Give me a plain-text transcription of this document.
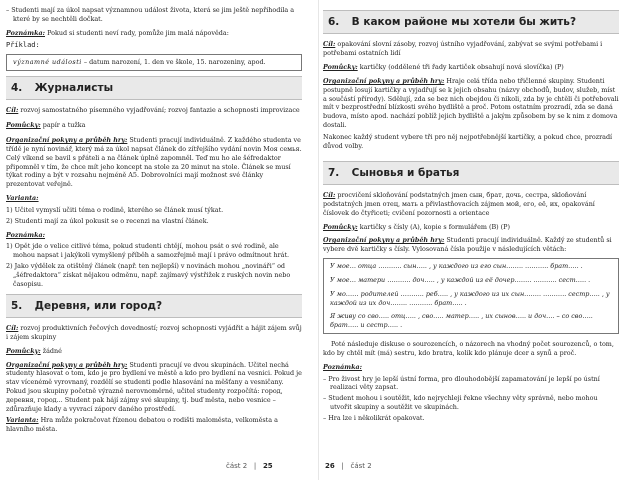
– Studenti mají za úkol napsat významnou událost života, která se jim ještě nepřihodila a které by se nechtěli dočkat.

Poznámka: Pokud si studenti neví rady, pomůže jim malá nápověda:

Příklad:
významné události – datum narození, 1. den ve škole, 15. narozeniny, apod.
4. Журналисты

Cíl: rozvoj samostatného písemného vyjadřování; rozvoj fantazie a schopnosti improvizace

Pomůcky: papír a tužka

Organizační pokyny a průběh hry: Studenti pracují individuálně. Z každého studenta ve třídě je nyní novinář, který má za úkol napsat článek do zítřejšího vydání novin Моя семья. Celý víkend se bavil s přáteli a na článek úplně zapomněl. Teď mu ho ale šéfredaktor připomněl v tím, že chce mít jeho koncept na stole za 20 minut na stole. Článek se musí týkat rodiny a být v rozsahu nejméně A5. Dobrovolníci mají možnost své články prezentovat veřejně.

Varianta:

1) Učitel vymyslí učiti téma o rodině, kterého se článek musí týkat.
2) Studenti mají za úkol pokusit se o recenzi na vlastní článek.

Poznámka:

1) Opět jde o velice citlivé téma, pokud studenti chtějí, mohou psát o své rodině, ale mohou napsat i jakýkoli vymyšlený příběh a samozřejmě mají i právo odmítnout hrát.
2) Jako výdělek za otištěný článek (např. ten nejlepší) v novinách mohou „novináři“ od „šéfredaktora“ získat nějakou odměnu, např. zajímavý výstřižek z ruských novin nebo časopisu.
5. Деревня, или город?

Cíl: rozvoj produktivních řečových dovedností; rozvoj schopnosti vyjádřit a hájit zájem svůj i zájem skupiny

Pomůcky: žádné

Organizační pokyny a průběh hry: Studenti pracují ve dvou skupinách. Učitel nechá studenty hlasovat o tom, kdo je pro bydlení ve městě a kdo pro bydlení na vesnici. Pokud je stav vícenémě vyrovnaný, rozdělí se studenti podle hlasování na měšťany a vesničany. Pokud jsou skupiny početně výrazně nerovnoměrné, učitel studenty rozpočítá: город, деревня, город... Student pak hájí zájmy své skupiny, tj. buď města, nebo vesnice – zdůrazňuje klady a vyvrací záporv daného prostředí.

Varianta: Hra může pokračovat řízenou debatou o rodišti maloměsta, velkoměsta a hlavního města.

část 2   |   25
6. В каком районе мы хотели бы жить?

Cíl: opakování slovní zásoby, rozvoj ústního vyjadřování, zabývat se svými potřebami i potřebami ostatních lidí

Pomůcky: kartičky (oddělené tři řady kartiček obsahují nová slovíčka) (P)

Organizační pokyny a průběh hry: Hraje celá třída nebo třičlenné skupiny. Studenti postupně losují kartičky a vyjadřují se k jejich obsahu (názvy obchodů, budov, služeb, míst a součástí přírody). Sdělují, zda se bez nich obejdou či nikoli, zda by je chtěli či potřebovali mít v bezprostřední blízkosti svého bydliště a proč. Potom ostatním prozradí, zda se daná budova, místo apod. nachází poblíž jejich bydliště a jakým způsobem by se k nim z domova dostali.

Nakonec každý student vybere tři pro něj nejpotřebnější kartičky, a pokud chce, prozradí důvod volby.

7. Сыновья и братья

Cíl: procvičení skloňování podstatných jmen сын, брат, дочь, сестра, skloňování podstatných jmen отец, мать a přivlastňovacích zájmen мой, его, её, их, opakování číslovek do čtyřiceti; cvičení pozornosti a orientace

Pomůcky: kartičky s čísly (A), kopie s formulářem (B) (P)

Organizační pokyny a průběh hry: Studenti pracují individuálně. Každý ze studentů si vybere dvě kartičky s čísly. Vylosovaná čísla použije v následujících větách:

У мое… отца ……….. сын….. , у каждого из его сын…….. ……….. брат….. .

У мое… матери ……….. доч….. , у каждой из её дочер…….. ……….. сест….. .

У мо…… родителей ……….. реб….. , у каждого из их сын…….. ……….. сестр….. , у каждой из их доч…….. ……….. брат….. .

Я живу со сво….. отц….. , сво….. матер….. , их сынов….. и доч…. – со сво….. брат….. и сестр….. .

Poté následuje diskuse o sourozencích, o názorech na vhodný počet sourozenců, o tom, kdo by chtěl mít (má) sestru, kdo bratra, kolik kdo plánuje dcer a synů a proč.

Poznámka:

– Pro živost hry je lepší ústní forma, pro dlouhodobější zapamatování je lepší po ústní realizaci věty zapsat.
– Student mohou i soutěžit, kdo nejrychleji řekne všechny věty správně, nebo mohou utvořit skupiny a soutěžit ve skupinách.
– Hra lze i několikrát opakovat.
26   |   část 2
